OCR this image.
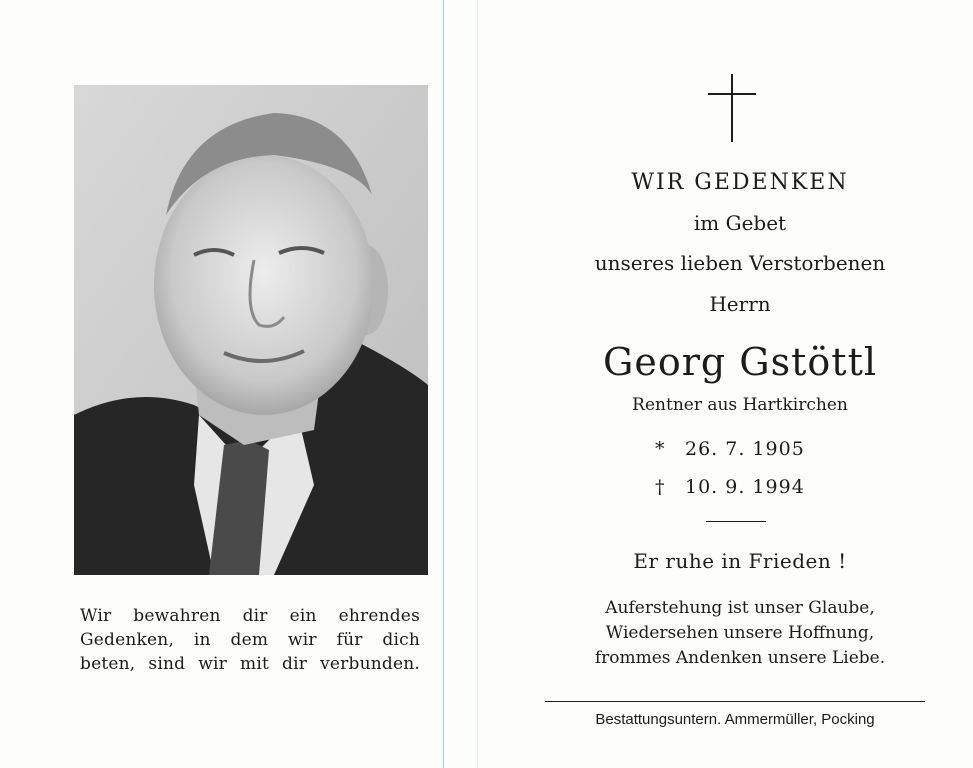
Wir bewahren dir ein ehrendes
Gedenken, in dem wir für dich
beten, sind wir mit dir verbunden.
WIR GEDENKEN
im Gebet
unseres lieben Verstorbenen
Herrn
Georg Gstöttl
Rentner aus Hartkirchen
Er ruhe in Frieden !
* 26. 7. 1905
† 10. 9. 1994
Auferstehung ist unser Glaube,
Wiedersehen unsere Hoffnung,
frommes Andenken unsere Liebe.
Bestattungsuntern. Ammermüller, Pocking
